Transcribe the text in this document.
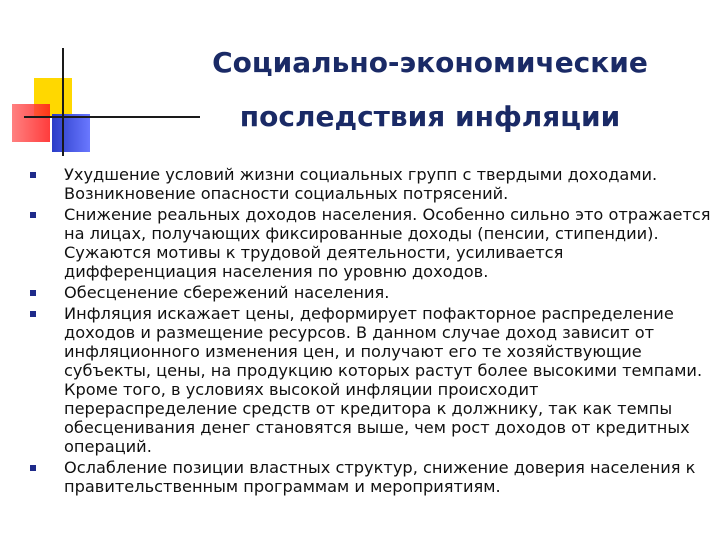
Социально-экономические
последствия инфляции
Ухудшение условий жизни социальных групп с твердыми доходами. Возникновение опасности социальных потрясений.
Снижение реальных доходов населения. Особенно сильно это отражается на лицах, получающих фиксированные доходы (пенсии, стипендии). Сужаются мотивы к трудовой деятельности, усиливается дифференциация населения по уровню доходов.
Обесценение сбережений населения.
Инфляция искажает цены, деформирует пофакторное распределение доходов и размещение ресурсов. В данном случае доход зависит от инфляционного изменения цен, и получают его те хозяйствующие субъекты, цены, на продукцию которых растут более высокими темпами. Кроме того, в условиях высокой инфляции происходит перераспределение средств от кредитора к должнику, так как темпы обесценивания денег становятся выше, чем рост доходов от кредитных операций.
Ослабление позиции властных структур, снижение доверия населения к правительственным программам и мероприятиям.
